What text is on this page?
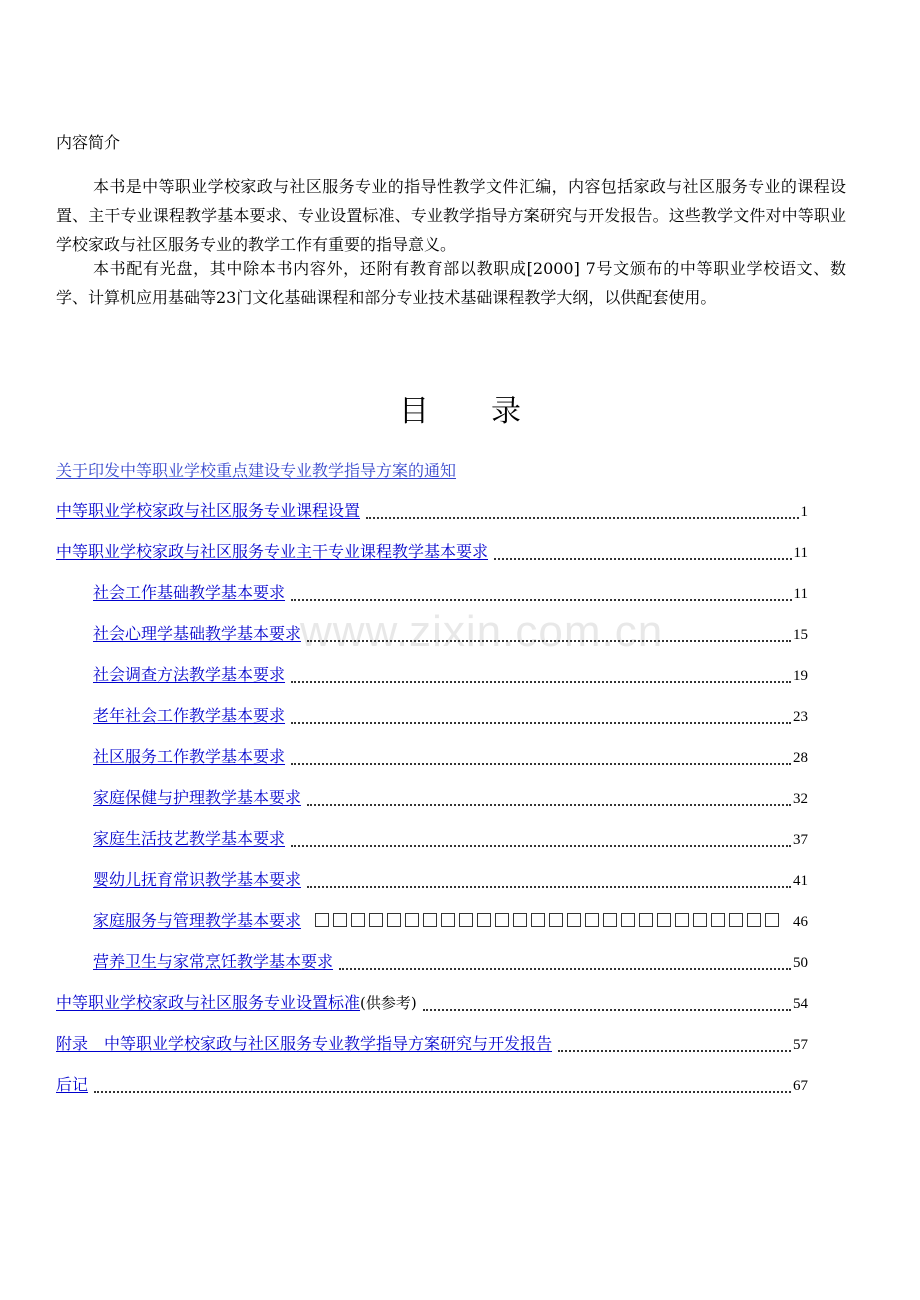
内容简介

本书是中等职业学校家政与社区服务专业的指导性教学文件汇编，内容包括家政与社区服务专业的课程设置、主干专业课程教学基本要求、专业设置标准、专业教学指导方案研究与开发报告。这些教学文件对中等职业学校家政与社区服务专业的教学工作有重要的指导意义。

本书配有光盘，其中除本书内容外，还附有教育部以教职成[2000] 7号文颁布的中等职业学校语文、数学、计算机应用基础等23门文化基础课程和部分专业技术基础课程教学大纲，以供配套使用。

目录
www.zixin.com.cn
关于印发中等职业学校重点建设专业教学指导方案的通知
中等职业学校家政与社区服务专业课程设置	1
中等职业学校家政与社区服务专业主干专业课程教学基本要求	11
社会工作基础教学基本要求	11
社会心理学基础教学基本要求	15
社会调查方法教学基本要求	19
老年社会工作教学基本要求	23
社区服务工作教学基本要求	28
家庭保健与护理教学基本要求	32
家庭生活技艺教学基本要求	37
婴幼儿抚育常识教学基本要求	41
家庭服务与管理教学基本要求	46
营养卫生与家常烹饪教学基本要求	50
中等职业学校家政与社区服务专业设置标准 (供参考)	54
附录　中等职业学校家政与社区服务专业教学指导方案研究与开发报告	57
后记	67
